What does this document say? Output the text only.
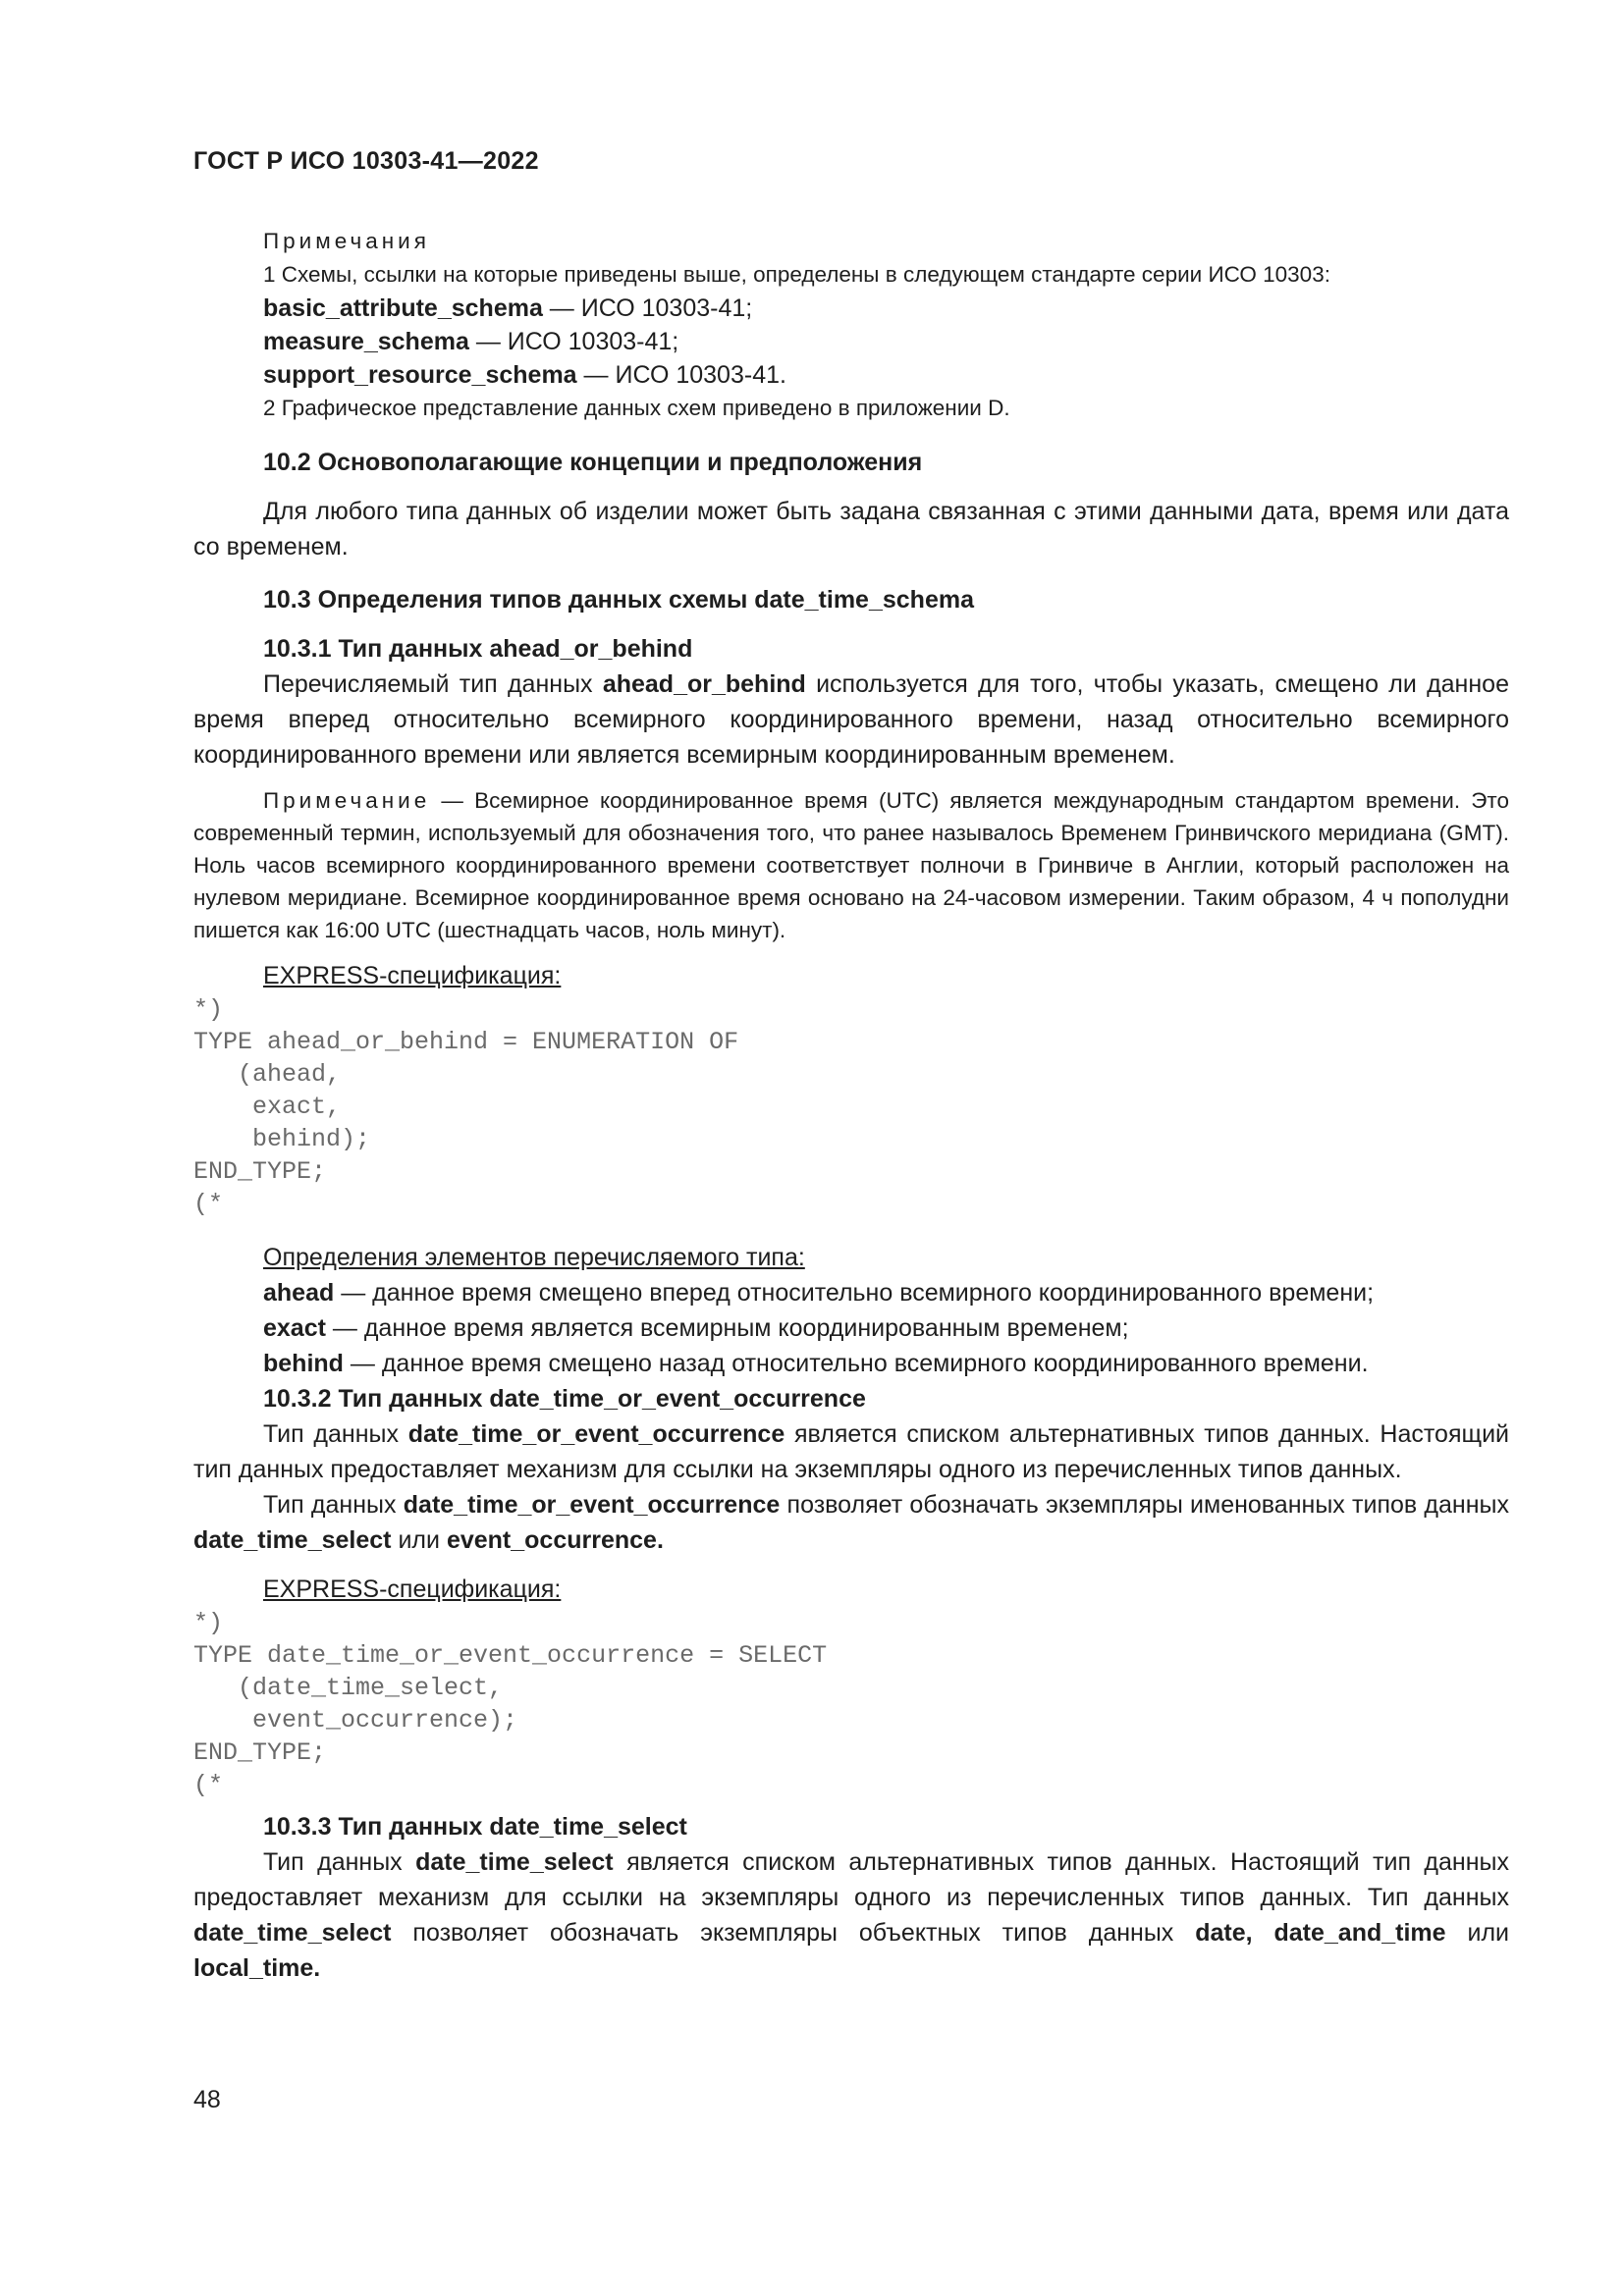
ГОСТ Р ИСО 10303-41—2022

Примечания

1 Схемы, ссылки на которые приведены выше, определены в следующем стандарте серии ИСО 10303:

basic_attribute_schema — ИСО 10303-41;

measure_schema — ИСО 10303-41;

support_resource_schema — ИСО 10303-41.

2 Графическое представление данных схем приведено в приложении D.

10.2 Основополагающие концепции и предположения

Для любого типа данных об изделии может быть задана связанная с этими данными дата, время или дата со временем.

10.3 Определения типов данных схемы date_time_schema

10.3.1 Тип данных ahead_or_behind

Перечисляемый тип данных ahead_or_behind используется для того, чтобы указать, смещено ли данное время вперед относительно всемирного координированного времени, назад относительно всемирного координированного времени или является всемирным координированным временем.

Примечание — Всемирное координированное время (UTC) является международным стандартом времени. Это современный термин, используемый для обозначения того, что ранее называлось Временем Гринвичского меридиана (GMT). Ноль часов всемирного координированного времени соответствует полночи в Гринвиче в Англии, который расположен на нулевом меридиане. Всемирное координированное время основано на 24-часовом измерении. Таким образом, 4 ч пополудни пишется как 16:00 UTC (шестнадцать часов, ноль минут).

EXPRESS-спецификация:

*)
TYPE ahead_or_behind = ENUMERATION OF
(ahead,
exact,
behind);
END_TYPE;
(*

Определения элементов перечисляемого типа:

ahead — данное время смещено вперед относительно всемирного координированного времени;

exact — данное время является всемирным координированным временем;

behind — данное время смещено назад относительно всемирного координированного времени.

10.3.2 Тип данных date_time_or_event_occurrence

Тип данных date_time_or_event_occurrence является списком альтернативных типов данных. Настоящий тип данных предоставляет механизм для ссылки на экземпляры одного из перечисленных типов данных.

Тип данных date_time_or_event_occurrence позволяет обозначать экземпляры именованных типов данных date_time_select или event_occurrence.

EXPRESS-спецификация:

*)
TYPE date_time_or_event_occurrence = SELECT
(date_time_select,
event_occurrence);
END_TYPE;
(*

10.3.3 Тип данных date_time_select

Тип данных date_time_select является списком альтернативных типов данных. Настоящий тип данных предоставляет механизм для ссылки на экземпляры одного из перечисленных типов данных. Тип данных date_time_select позволяет обозначать экземпляры объектных типов данных date, date_and_time или local_time.

48
